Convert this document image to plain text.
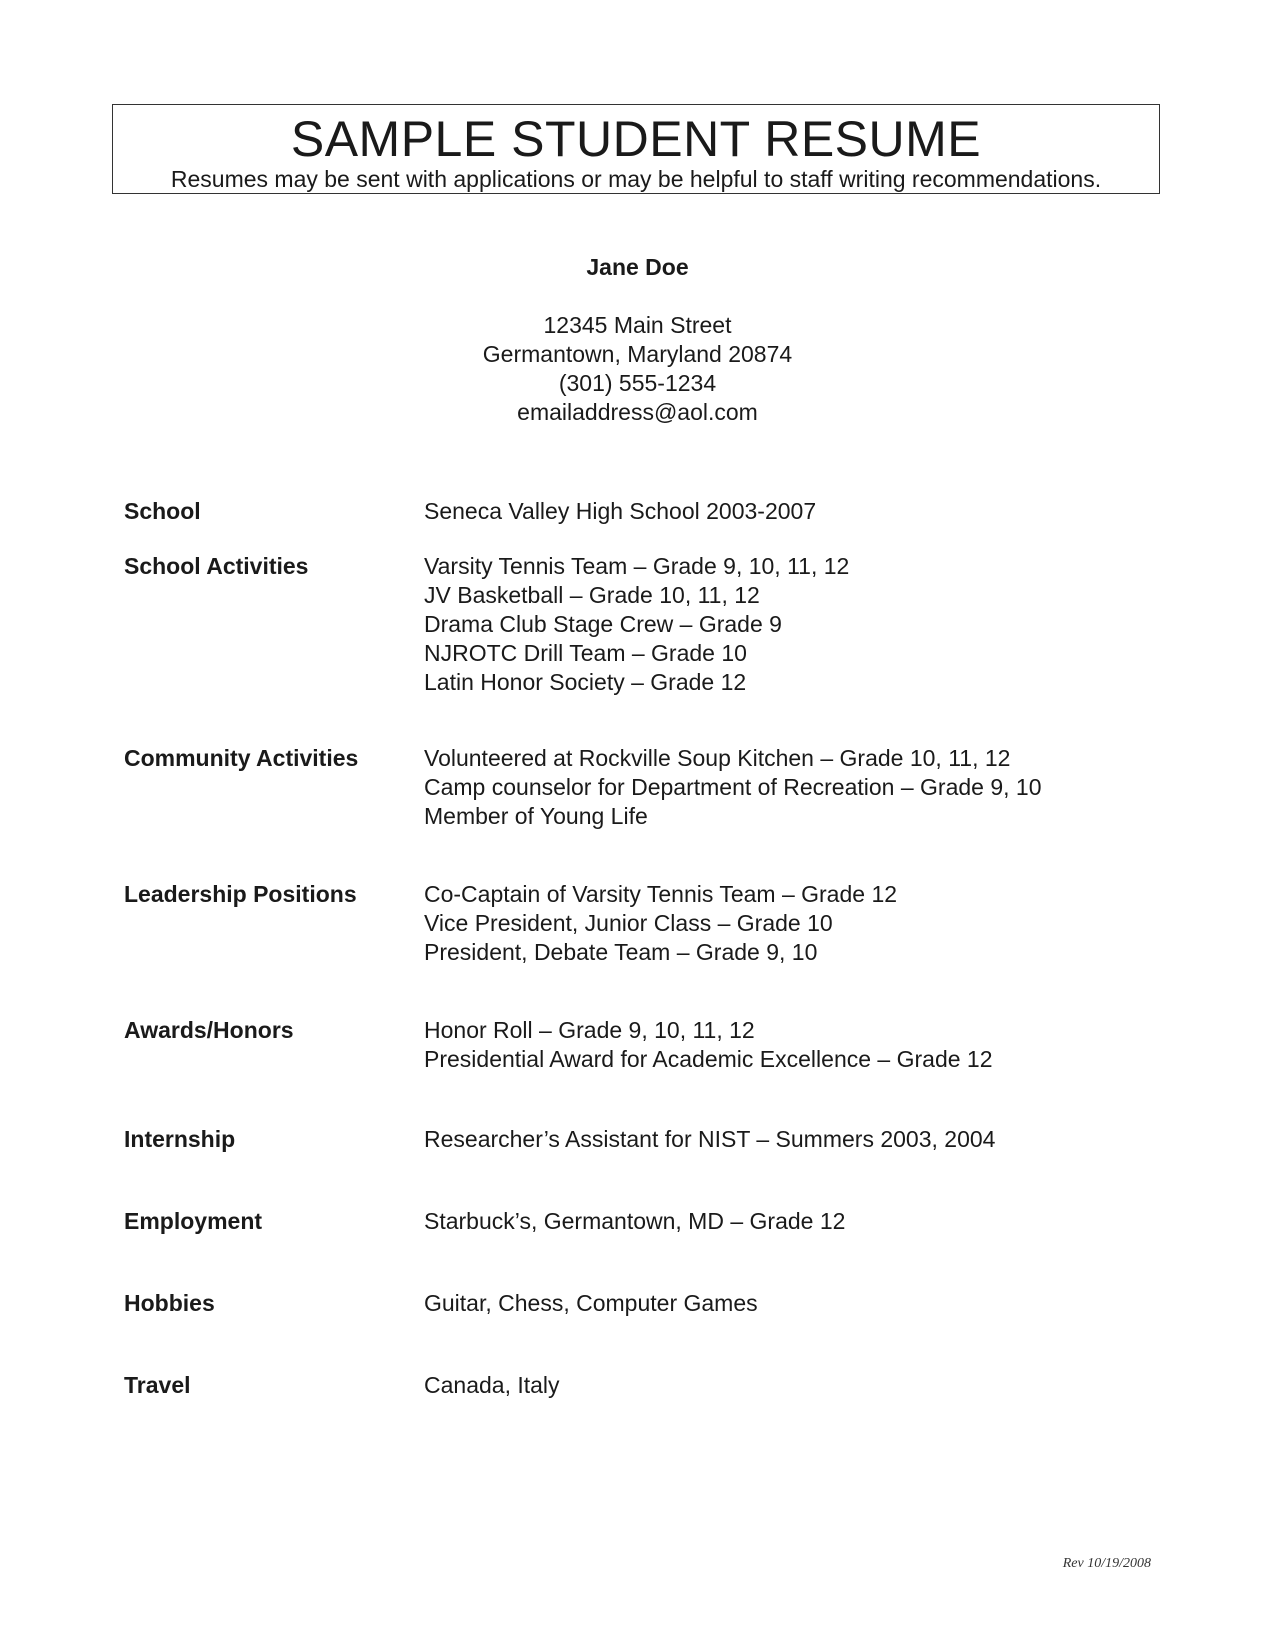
SAMPLE STUDENT RESUME
Resumes may be sent with applications or may be helpful to staff writing recommendations.
Jane Doe
12345 Main Street
Germantown, Maryland 20874
(301) 555-1234
emailaddress@aol.com
School	Seneca Valley High School 2003-2007
School Activities	Varsity Tennis Team – Grade 9, 10, 11, 12
JV Basketball – Grade 10, 11, 12
Drama Club Stage Crew – Grade 9
NJROTC Drill Team – Grade 10
Latin Honor Society – Grade 12
Community Activities	Volunteered at Rockville Soup Kitchen – Grade 10, 11, 12
Camp counselor for Department of Recreation – Grade 9, 10
Member of Young Life
Leadership Positions	Co-Captain of Varsity Tennis Team – Grade 12
Vice President, Junior Class – Grade 10
President, Debate Team – Grade 9, 10
Awards/Honors	Honor Roll – Grade 9, 10, 11, 12
Presidential Award for Academic Excellence – Grade 12
Internship	Researcher’s Assistant for NIST – Summers 2003, 2004
Employment	Starbuck’s, Germantown, MD – Grade 12
Hobbies	Guitar, Chess, Computer Games
Travel	Canada, Italy
Rev 10/19/2008
